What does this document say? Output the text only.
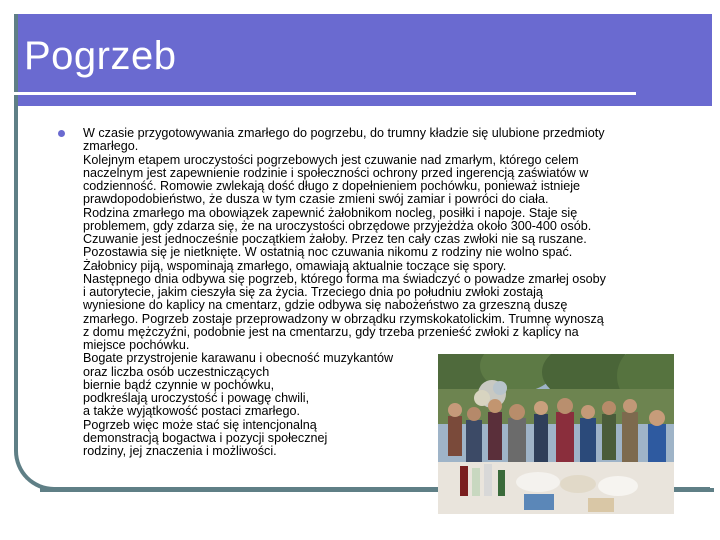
Pogrzeb
W czasie przygotowywania zmarłego do pogrzebu, do trumny kładzie się ulubione przedmioty
zmarłego.
Kolejnym etapem uroczystości pogrzebowych jest czuwanie nad zmarłym, którego celem
naczelnym jest zapewnienie rodzinie i społeczności ochrony przed ingerencją zaświatów w
codzienność. Romowie zwlekają dość długo z dopełnieniem pochówku, ponieważ istnieje
prawdopodobieństwo, że dusza w tym czasie zmieni swój zamiar i powróci do ciała.
Rodzina zmarłego ma obowiązek zapewnić żałobnikom nocleg, posiłki i napoje. Staje się
problemem, gdy zdarza się, że na uroczystości obrzędowe przyjeżdża około 300-400 osób.
Czuwanie jest jednocześnie początkiem żałoby. Przez ten cały czas zwłoki nie są ruszane.
Pozostawia się je nietknięte. W ostatnią noc czuwania nikomu z rodziny nie wolno spać.
Żałobnicy piją, wspominają zmarłego, omawiają aktualnie toczące się spory.
Następnego dnia odbywa się pogrzeb, którego forma ma świadczyć o powadze zmarłej osoby
i autorytecie, jakim cieszyła się za życia. Trzeciego dnia po południu zwłoki zostają
wyniesione do kaplicy na cmentarz, gdzie odbywa się nabożeństwo za grzeszną duszę
zmarłego. Pogrzeb zostaje przeprowadzony w obrządku rzymskokatolickim. Trumnę wynoszą
z domu mężczyźni, podobnie jest na cmentarzu, gdy trzeba przenieść zwłoki z kaplicy na
miejsce pochówku.
Bogate przystrojenie karawanu i obecność muzykantów
oraz liczba osób uczestniczących
biernie bądź czynnie w pochówku,
podkreślają uroczystość i powagę chwili,
a także wyjątkowość postaci zmarłego.
Pogrzeb więc może stać się intencjonalną
demonstracją bogactwa i pozycji społecznej
rodziny, jej znaczenia i możliwości.
